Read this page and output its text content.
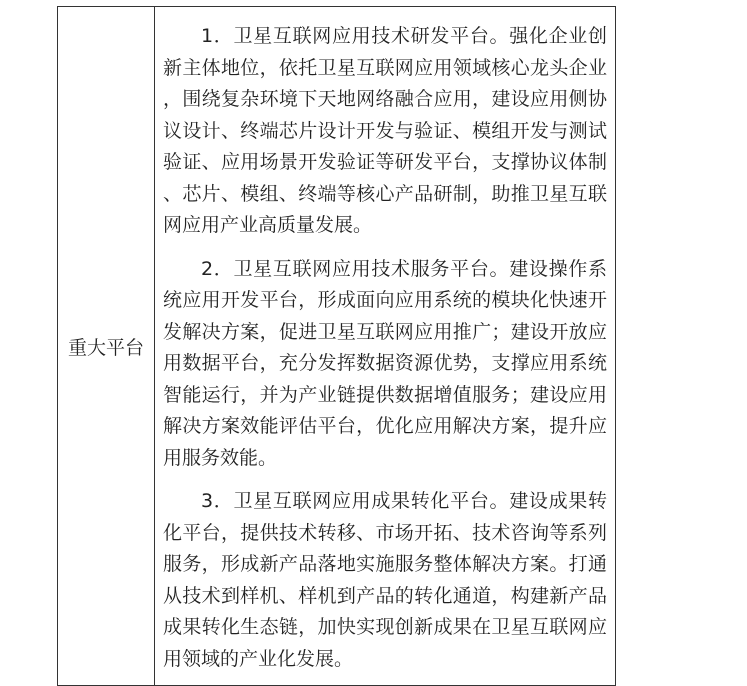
重大平台	

1．卫星互联网应用技术研发平台。强化企业创新主体地位，依托卫星互联网应用领域核心龙头企业，围绕复杂环境下天地网络融合应用，建设应用侧协议设计、终端芯片设计开发与验证、模组开发与测试验证、应用场景开发验证等研发平台，支撑协议体制、芯片、模组、终端等核心产品研制，助推卫星互联网应用产业高质量发展。

2．卫星互联网应用技术服务平台。建设操作系统应用开发平台，形成面向应用系统的模块化快速开发解决方案，促进卫星互联网应用推广；建设开放应用数据平台，充分发挥数据资源优势，支撑应用系统智能运行，并为产业链提供数据增值服务；建设应用解决方案效能评估平台，优化应用解决方案，提升应用服务效能。

3．卫星互联网应用成果转化平台。建设成果转化平台，提供技术转移、市场开拓、技术咨询等系列服务，形成新产品落地实施服务整体解决方案。打通从技术到样机、样机到产品的转化通道，构建新产品成果转化生态链，加快实现创新成果在卫星互联网应用领域的产业化发展。
